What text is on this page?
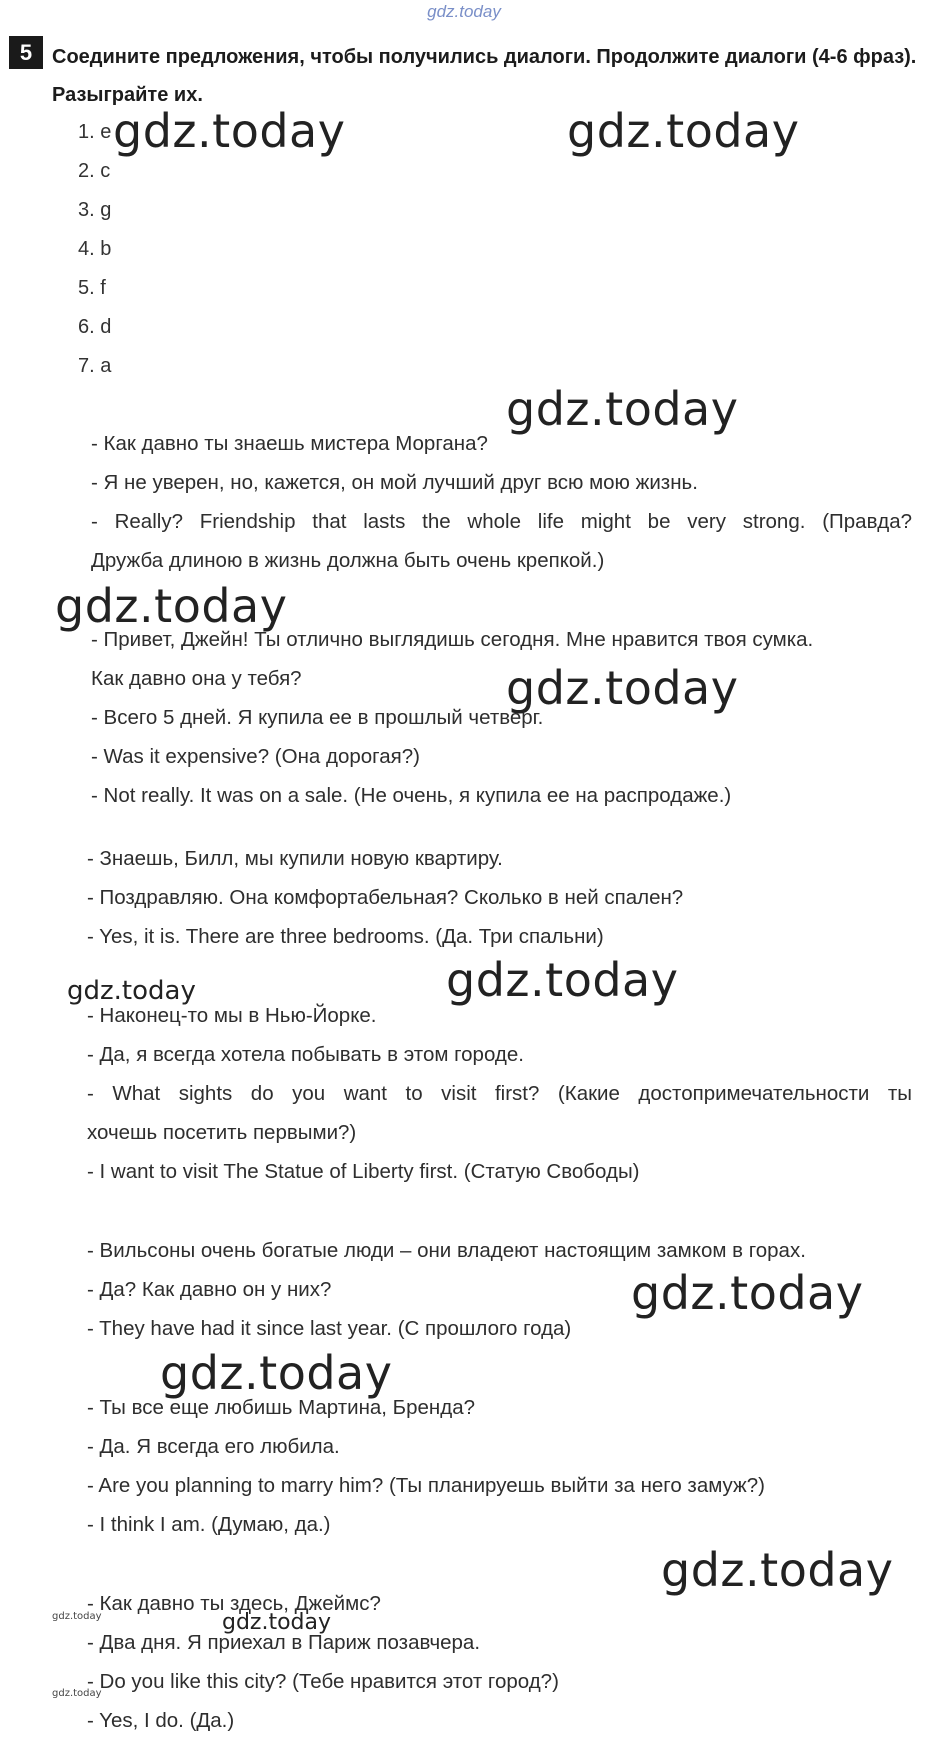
gdz.today
5 Соедините предложения, чтобы получились диалоги. Продолжите диалоги (4-6 фраз). Разыграйте их.
1. e
2. c
3. g
4. b
5. f
6. d
7. a
- Как давно ты знаешь мистера Моргана?
- Я не уверен, но, кажется, он мой лучший друг всю мою жизнь.
- Really? Friendship that lasts the whole life might be very strong. (Правда?
Дружба длиною в жизнь должна быть очень крепкой.)
- Привет, Джейн! Ты отлично выглядишь сегодня. Мне нравится твоя сумка.
Как давно она у тебя?
- Всего 5 дней. Я купила ее в прошлый четверг.
- Was it expensive? (Она дорогая?)
- Not really. It was on a sale. (Не очень, я купила ее на распродаже.)
- Знаешь, Билл, мы купили новую квартиру.
- Поздравляю. Она комфортабельная? Сколько в ней спален?
- Yes, it is. There are three bedrooms. (Да. Три спальни)
- Наконец-то мы в Нью-Йорке.
- Да, я всегда хотела побывать в этом городе.
- What sights do you want to visit first? (Какие достопримечательности ты
хочешь посетить первыми?)
- I want to visit The Statue of Liberty first. (Статую Свободы)
- Вильсоны очень богатые люди – они владеют настоящим замком в горах.
- Да? Как давно он у них?
- They have had it since last year. (С прошлого года)
- Ты все еще любишь Мартина, Бренда?
- Да. Я всегда его любила.
- Are you planning to marry him? (Ты планируешь выйти за него замуж?)
- I think I am. (Думаю, да.)
- Как давно ты здесь, Джеймс?
- Два дня. Я приехал в Париж позавчера.
- Do you like this city? (Тебе нравится этот город?)
- Yes, I do. (Да.)
gdz.today	gdz.today
gdz.today
gdz.today
gdz.today
gdz.today	gdz.today
gdz.today
gdz.today
gdz.today
gdz.today	gdz.today
gdz.today
